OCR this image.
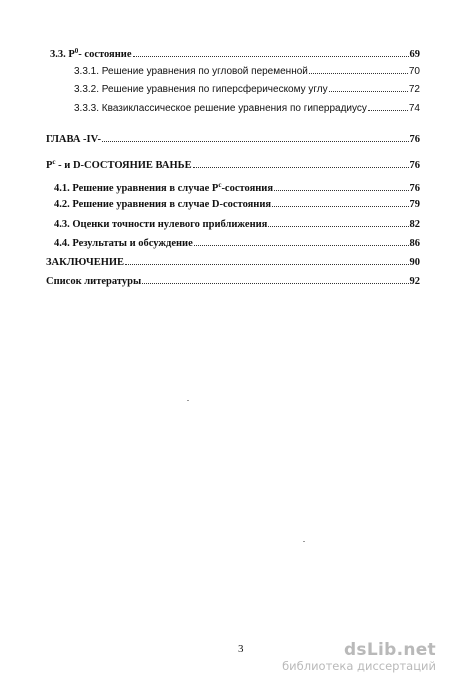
3.3. $P^0-$ состояние	69
3.3.1. Решение уравнения по угловой переменной	70
3.3.2. Решение уравнения по гиперсферическому углу	72
3.3.3. Квазиклассическое решение уравнения по гиперрадиусу	74
ГЛАВА -IV-	76
$P^c$ - и D-СОСТОЯНИЕ ВАНЬЕ	76
4.1. Решение уравнения в случае $P^c$-состояния	76
4.2. Решение уравнения в случае D-состояния	79
4.3. Оценки точности нулевого приближения	82
4.4. Результаты и обсуждение	86
ЗАКЛЮЧЕНИЕ	90
Список литературы	92
3	dsLib.net
библиотека диссертаций
